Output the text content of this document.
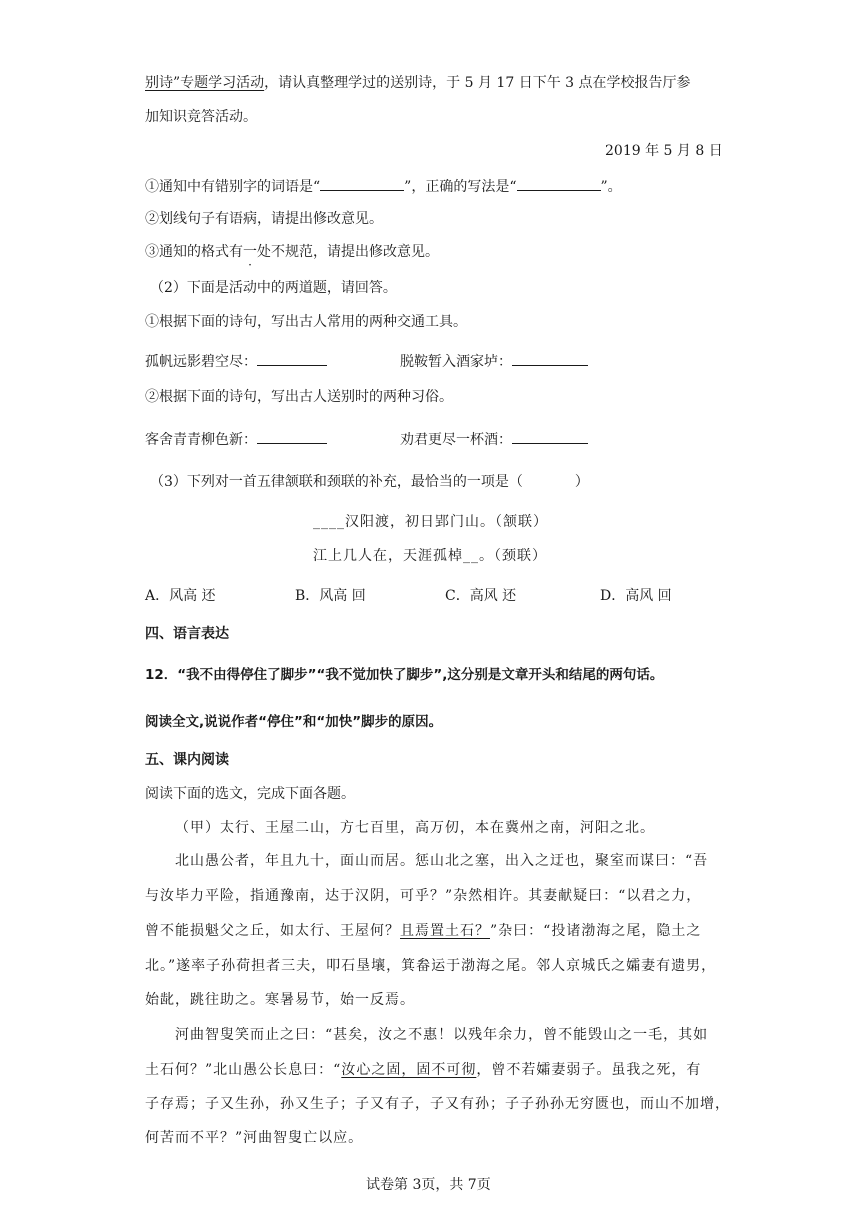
别诗”专题学习活动，请认真整理学过的送别诗，于 5 月 17 日下午 3 点在学校报告厅参
加知识竞答活动。
2019 年 5 月 8 日
①通知中有错别字的词语是“	”，正确的写法是“	”。
②划线句子有语病，请提出修改意见。
③通知的格式有一处不规范，请提出修改意见。
（2）下面是活动中的两道题，请回答。
①根据下面的诗句，写出古人常用的两种交通工具。
孤帆远影碧空尽：	脱鞍暂入酒家垆：
②根据下面的诗句，写出古人送别时的两种习俗。
客舍青青柳色新：	劝君更尽一杯酒：
（3）下列对一首五律颔联和颈联的补充，最恰当的一项是（	）
____汉阳渡，初日郢门山。（颔联）
江上几人在，天涯孤棹__。（颈联）
A．风高 还	B．风高 回	C．高风 还	D．高风 回
四、语言表达
12．“我不由得停住了脚步”“我不觉加快了脚步”,这分别是文章开头和结尾的两句话。
阅读全文,说说作者“停住”和“加快”脚步的原因。
五、课内阅读
阅读下面的选文，完成下面各题。
（甲）太行、王屋二山，方七百里，高万仞，本在冀州之南，河阳之北。
北山愚公者，年且九十，面山而居。惩山北之塞，出入之迂也，聚室而谋曰：“吾
与汝毕力平险，指通豫南，达于汉阴，可乎？”杂然相许。其妻献疑曰：“以君之力，
曾不能损魁父之丘，如太行、王屋何？且焉置土石？”杂曰：“投诸渤海之尾，隐土之
北。”遂率子孙荷担者三夫，叩石垦壤，箕畚运于渤海之尾。邻人京城氏之孀妻有遗男，
始龀，跳往助之。寒暑易节，始一反焉。
河曲智叟笑而止之曰：“甚矣，汝之不惠！以残年余力，曾不能毁山之一毛，其如
土石何？”北山愚公长息曰：“汝心之固，固不可彻，曾不若孀妻弱子。虽我之死，有
子存焉；子又生孙，孙又生子；子又有子，子又有孙；子子孙孙无穷匮也，而山不加增，
何苦而不平？”河曲智叟亡以应。
试卷第 3页，共 7页
